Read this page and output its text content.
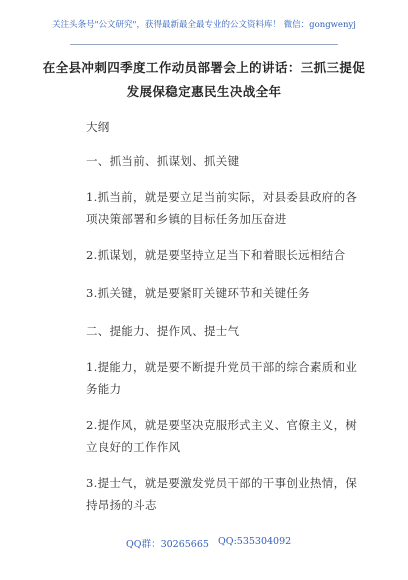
关注头条号"公文研究"，获得最新最全最专业的公文资料库！ 微信：gongwenyj
在全县冲刺四季度工作动员部署会上的讲话：三抓三提促
发展保稳定惠民生决战全年
大纲
一、抓当前、抓谋划、抓关键
1.抓当前，就是要立足当前实际，对县委县政府的各
项决策部署和乡镇的目标任务加压奋进
2.抓谋划，就是要坚持立足当下和着眼长远相结合
3.抓关键，就是要紧盯关键环节和关键任务
二、提能力、提作风、提士气
1.提能力，就是要不断提升党员干部的综合素质和业
务能力
2.提作风，就是要坚决克服形式主义、官僚主义，树
立良好的工作作风
3.提士气，就是要激发党员干部的干事创业热情，保
持昂扬的斗志
QQ群：30265665 QQ:535304092
